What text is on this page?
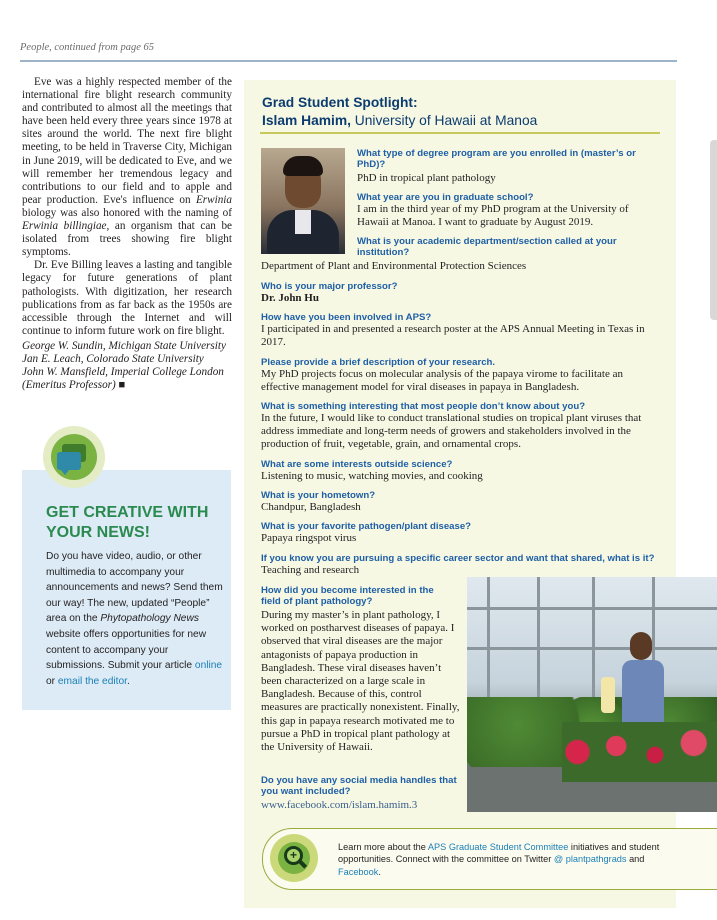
People, continued from page 65

Eve was a highly respected member of the international fire blight research community and contributed to almost all the meetings that have been held every three years since 1978 at sites around the world. The next fire blight meeting, to be held in Traverse City, Michigan in June 2019, will be dedicated to Eve, and we will remember her tremendous legacy and contributions to our field and to apple and pear production. Eve's influence on Erwinia biology was also honored with the naming of Erwinia billingiae, an organism that can be isolated from trees showing fire blight symptoms.

Dr. Eve Billing leaves a lasting and tangible legacy for future generations of plant pathologists. With digitization, her research publications from as far back as the 1950s are accessible through the Internet and will continue to inform future work on fire blight.

George W. Sundin, Michigan State University

Jan E. Leach, Colorado State University

John W. Mansfield, Imperial College London

(Emeritus Professor) ■

GET CREATIVE WITH YOUR NEWS!
Do you have video, audio, or other multimedia to accompany your announcements and news? Send them our way! The new, updated “People” area on the Phytopathology News website offers opportunities for new content to accompany your submissions. Submit your article online or email the editor.
Grad Student Spotlight:
Islam Hamim, University of Hawaii at Manoa
What type of degree program are you enrolled in (master’s or PhD)?
PhD in tropical plant pathology
What year are you in graduate school?
I am in the third year of my PhD program at the University of Hawaii at Manoa. I want to graduate by August 2019.
What is your academic department/section called at your institution?
Department of Plant and Environmental Protection Sciences
Who is your major professor?
Dr. John Hu
How have you been involved in APS?
I participated in and presented a research poster at the APS Annual Meeting in Texas in 2017.
Please provide a brief description of your research.
My PhD projects focus on molecular analysis of the papaya virome to facilitate an effective management model for viral diseases in papaya in Bangladesh.
What is something interesting that most people don’t know about you?
In the future, I would like to conduct translational studies on tropical plant viruses that address immediate and long-term needs of growers and stakeholders involved in the production of fruit, vegetable, grain, and ornamental crops.
What are some interests outside science?
Listening to music, watching movies, and cooking
What is your hometown?
Chandpur, Bangladesh
What is your favorite pathogen/plant disease?
Papaya ringspot virus
If you know you are pursuing a specific career sector and want that shared, what is it?
Teaching and research
How did you become interested in the field of plant pathology?
During my master’s in plant pathology, I worked on postharvest diseases of papaya. I observed that viral diseases are the major antagonists of papaya production in Bangladesh. These viral diseases haven’t been characterized on a large scale in Bangladesh. Because of this, control measures are practically nonexistent. Finally, this gap in papaya research motivated me to pursue a PhD in tropical plant pathology at the University of Hawaii.
Do you have any social media handles that you want included?
www.facebook.com/islam.hamim.3
+
Learn more about the APS Graduate Student Committee initiatives and student opportunities. Connect with the committee on Twitter @ plantpathgrads and Facebook.
